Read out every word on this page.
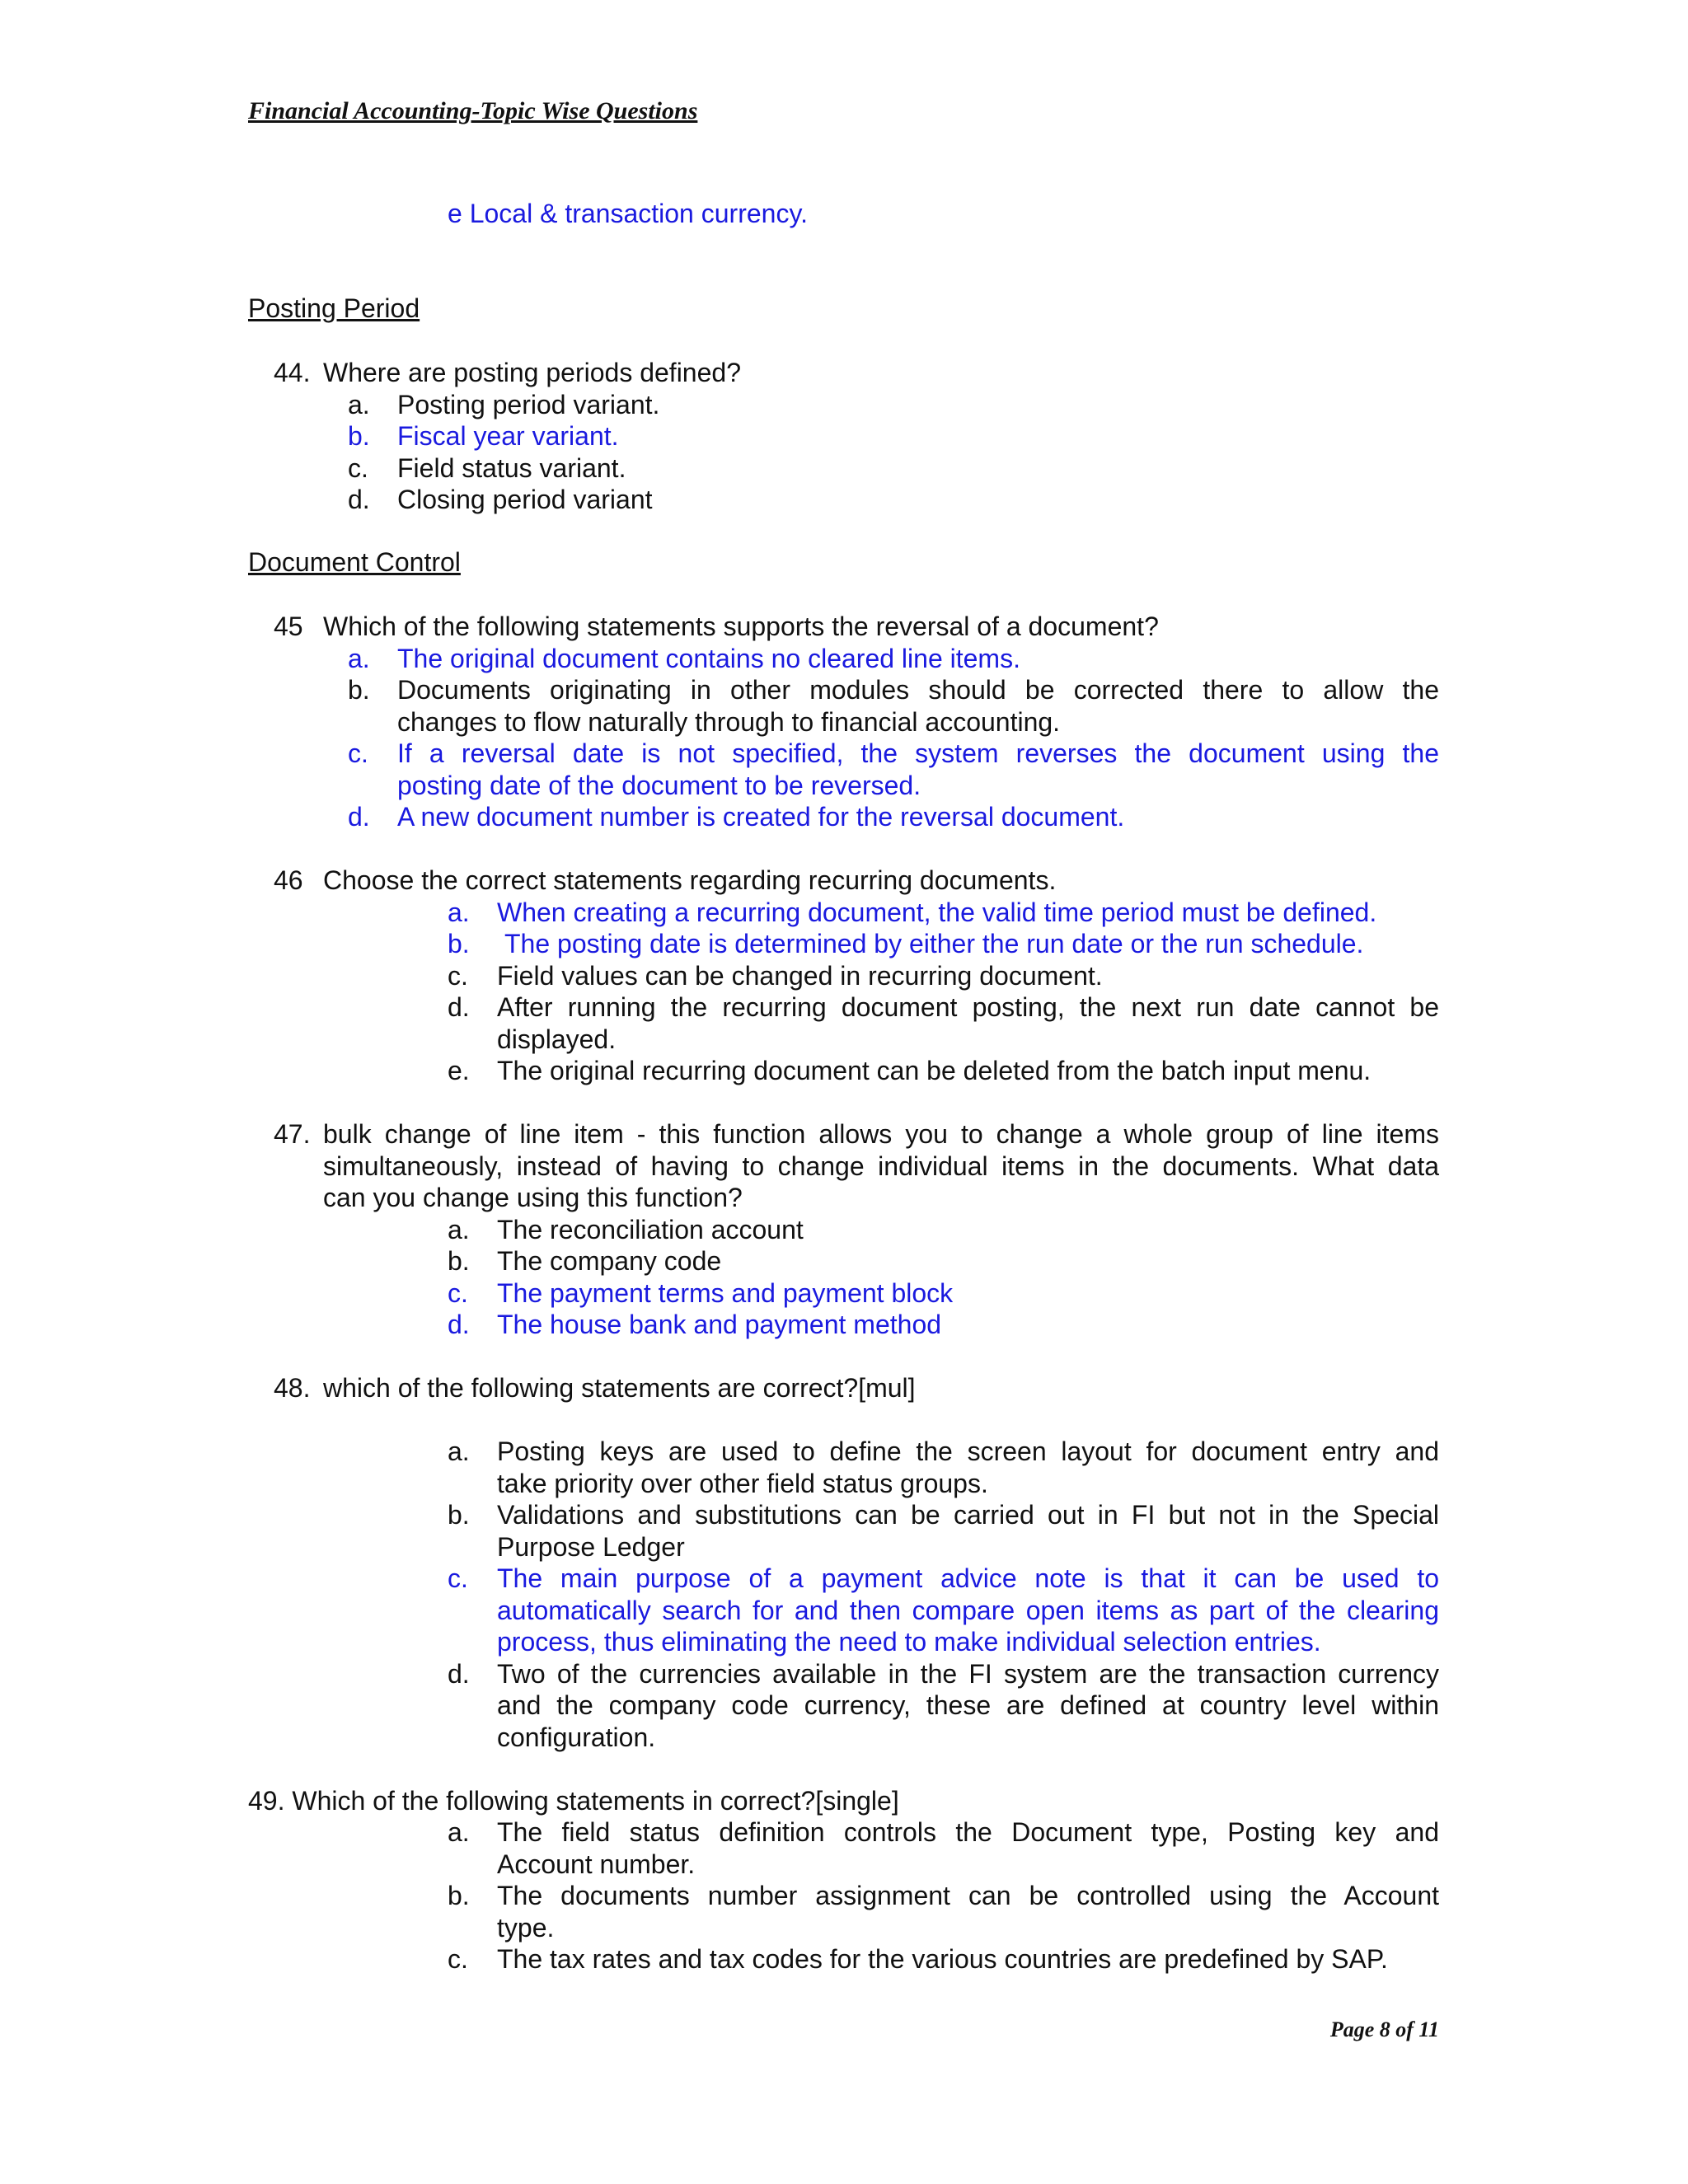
Financial Accounting-Topic Wise Questions
e Local & transaction currency.
Posting Period
44. Where are posting periods defined?
a. Posting period variant.
b. Fiscal year variant.
c. Field status variant.
d. Closing period variant
Document Control
45 Which of the following statements supports the reversal of a document?
a. The original document contains no cleared line items.
b. Documents originating in other modules should be corrected there to allow the
changes to flow naturally through to financial accounting.
c. If a reversal date is not specified, the system reverses the document using the
posting date of the document to be reversed.
d. A new document number is created for the reversal document.
46 Choose the correct statements regarding recurring documents.
a. When creating a recurring document, the valid time period must be defined.
b. The posting date is determined by either the run date or the run schedule.
c. Field values can be changed in recurring document.
d. After running the recurring document posting, the next run date cannot be
displayed.
e. The original recurring document can be deleted from the batch input menu.
47. bulk change of line item - this function allows you to change a whole group of line items
simultaneously, instead of having to change individual items in the documents. What data
can you change using this function?
a. The reconciliation account
b. The company code
c. The payment terms and payment block
d. The house bank and payment method
48. which of the following statements are correct?[mul]
a. Posting keys are used to define the screen layout for document entry and
take priority over other field status groups.
b. Validations and substitutions can be carried out in FI but not in the Special
Purpose Ledger
c. The main purpose of a payment advice note is that it can be used to
automatically search for and then compare open items as part of the clearing
process, thus eliminating the need to make individual selection entries.
d. Two of the currencies available in the FI system are the transaction currency
and the company code currency, these are defined at country level within
configuration.
49. Which of the following statements in correct?[single]
a. The field status definition controls the Document type, Posting key and
Account number.
b. The documents number assignment can be controlled using the Account
type.
c. The tax rates and tax codes for the various countries are predefined by SAP.
Page 8 of 11
